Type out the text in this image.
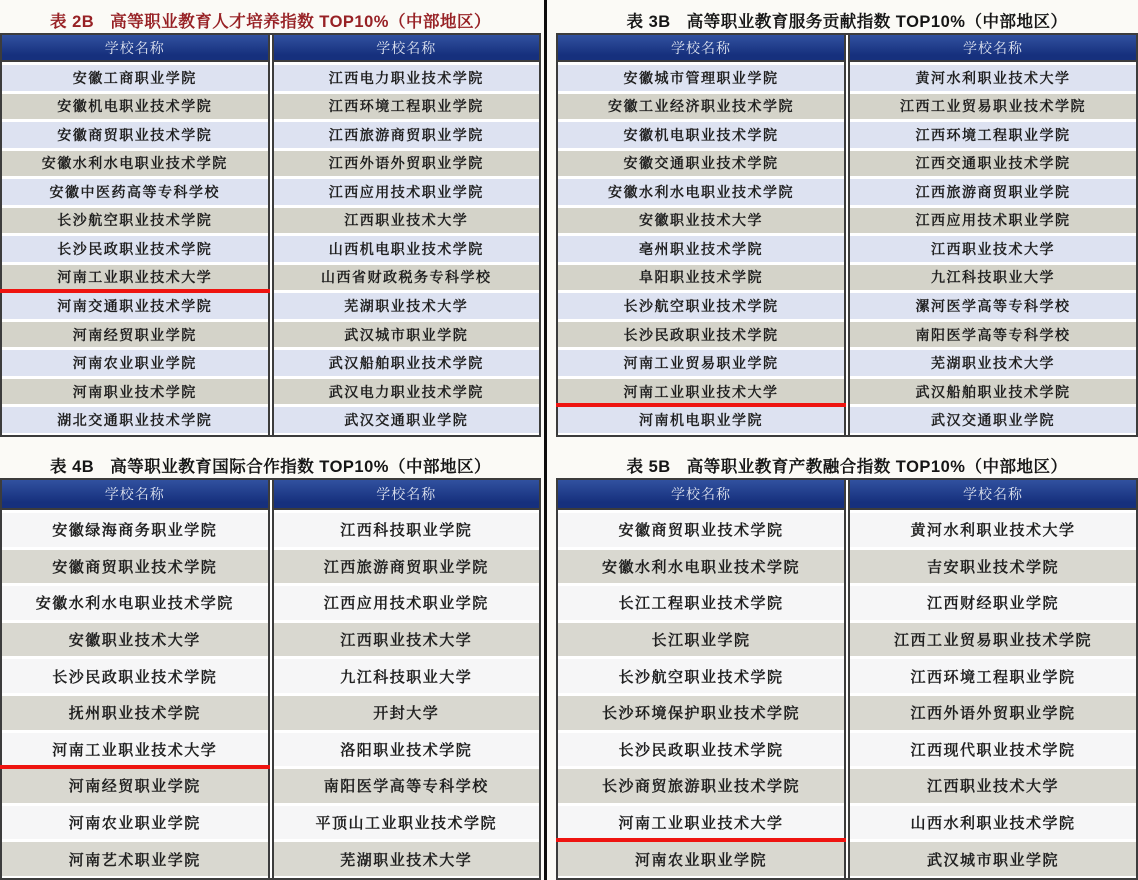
表 2B 高等职业教育人才培养指数 TOP10%（中部地区）
学校名称
安徽工商职业学院
安徽机电职业技术学院
安徽商贸职业技术学院
安徽水利水电职业技术学院
安徽中医药高等专科学校
长沙航空职业技术学院
长沙民政职业技术学院
河南工业职业技术大学
河南交通职业技术学院
河南经贸职业学院
河南农业职业学院
河南职业技术学院
湖北交通职业技术学院
学校名称
江西电力职业技术学院
江西环境工程职业学院
江西旅游商贸职业学院
江西外语外贸职业学院
江西应用技术职业学院
江西职业技术大学
山西机电职业技术学院
山西省财政税务专科学校
芜湖职业技术大学
武汉城市职业学院
武汉船舶职业技术学院
武汉电力职业技术学院
武汉交通职业学院
表 3B 高等职业教育服务贡献指数 TOP10%（中部地区）
学校名称
安徽城市管理职业学院
安徽工业经济职业技术学院
安徽机电职业技术学院
安徽交通职业技术学院
安徽水利水电职业技术学院
安徽职业技术大学
亳州职业技术学院
阜阳职业技术学院
长沙航空职业技术学院
长沙民政职业技术学院
河南工业贸易职业学院
河南工业职业技术大学
河南机电职业学院
学校名称
黄河水利职业技术大学
江西工业贸易职业技术学院
江西环境工程职业学院
江西交通职业技术学院
江西旅游商贸职业学院
江西应用技术职业学院
江西职业技术大学
九江科技职业大学
漯河医学高等专科学校
南阳医学高等专科学校
芜湖职业技术大学
武汉船舶职业技术学院
武汉交通职业学院
表 4B 高等职业教育国际合作指数 TOP10%（中部地区）
学校名称
安徽绿海商务职业学院
安徽商贸职业技术学院
安徽水利水电职业技术学院
安徽职业技术大学
长沙民政职业技术学院
抚州职业技术学院
河南工业职业技术大学
河南经贸职业学院
河南农业职业学院
河南艺术职业学院
学校名称
江西科技职业学院
江西旅游商贸职业学院
江西应用技术职业学院
江西职业技术大学
九江科技职业大学
开封大学
洛阳职业技术学院
南阳医学高等专科学校
平顶山工业职业技术学院
芜湖职业技术大学
表 5B 高等职业教育产教融合指数 TOP10%（中部地区）
学校名称
安徽商贸职业技术学院
安徽水利水电职业技术学院
长江工程职业技术学院
长江职业学院
长沙航空职业技术学院
长沙环境保护职业技术学院
长沙民政职业技术学院
长沙商贸旅游职业技术学院
河南工业职业技术大学
河南农业职业学院
学校名称
黄河水利职业技术大学
吉安职业技术学院
江西财经职业学院
江西工业贸易职业技术学院
江西环境工程职业学院
江西外语外贸职业学院
江西现代职业技术学院
江西职业技术大学
山西水利职业技术学院
武汉城市职业学院
